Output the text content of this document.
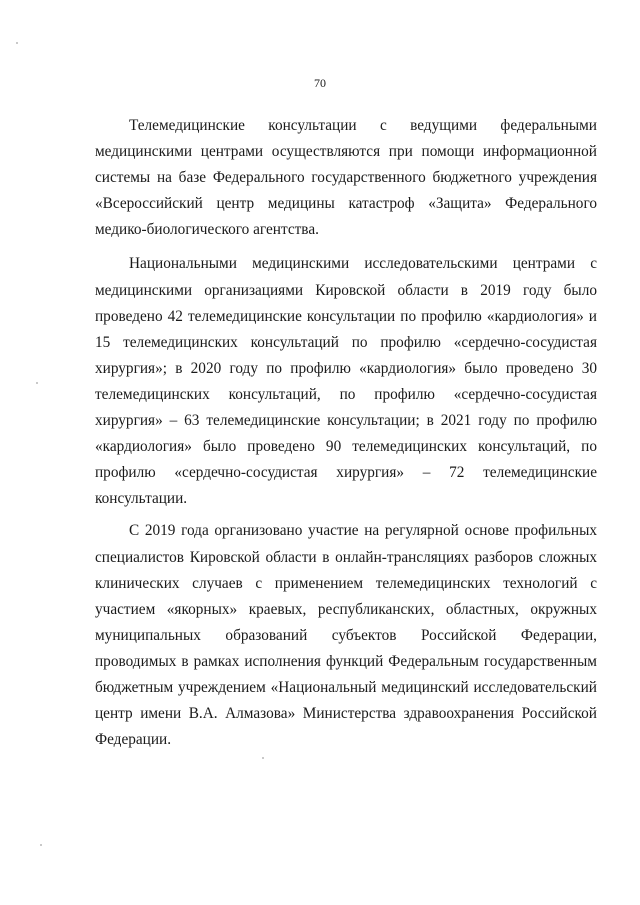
70

Телемедицинские консультации с ведущими федеральными медицинскими центрами осуществляются при помощи информационной системы на базе Федерального государственного бюджетного учреждения «Всероссийский центр медицины катастроф «Защита» Федерального медико-биологического агентства.

Национальными медицинскими исследовательскими центрами с медицинскими организациями Кировской области в 2019 году было проведено 42 телемедицинские консультации по профилю «кардиология» и 15 телемедицинских консультаций по профилю «сердечно-сосудистая хирургия»; в 2020 году по профилю «кардиология» было проведено 30 телемедицинских консультаций, по профилю «сердечно-сосудистая хирургия» – 63 телемедицинские консультации; в 2021 году по профилю «кардиология» было проведено 90 телемедицинских консультаций, по профилю «сердечно-сосудистая хирургия» – 72 телемедицинские консультации.

С 2019 года организовано участие на регулярной основе профильных специалистов Кировской области в онлайн-трансляциях разборов сложных клинических случаев с применением телемедицинских технологий с участием «якорных» краевых, республиканских, областных, окружных муниципальных образований субъектов Российской Федерации, проводимых в рамках исполнения функций Федеральным государственным бюджетным учреждением «Национальный медицинский исследовательский центр имени В.А. Алмазова» Министерства здравоохранения Российской Федерации.
